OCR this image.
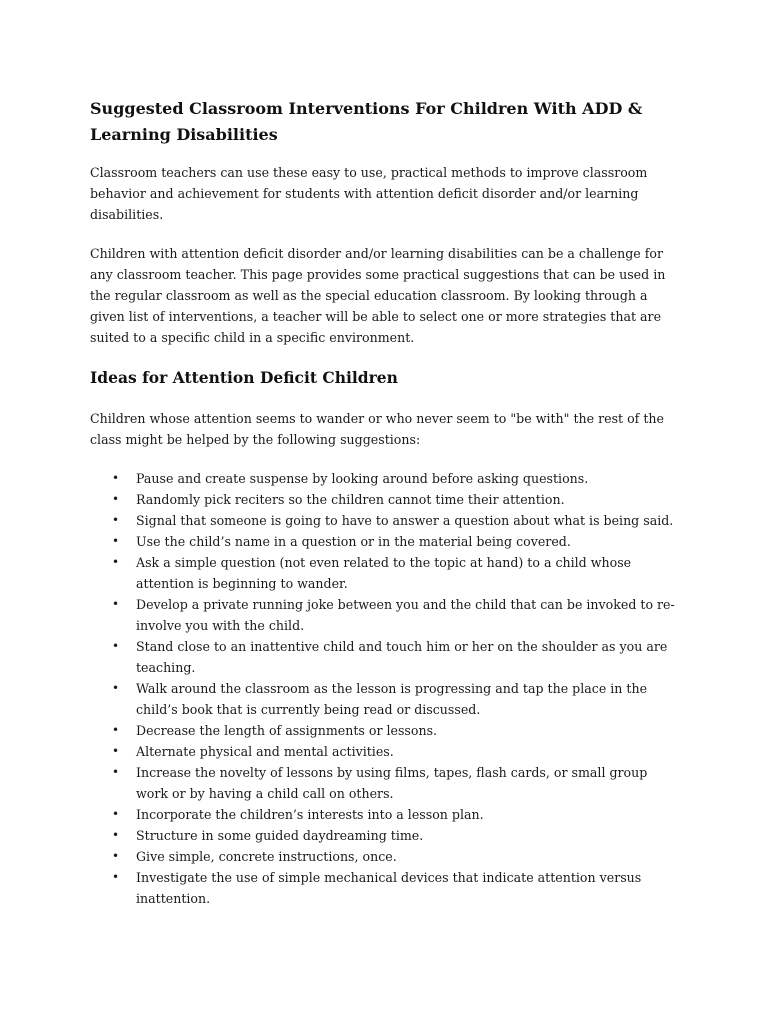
Suggested Classroom Interventions For Children With ADD & Learning Disabilities

Classroom teachers can use these easy to use, practical methods to improve classroom behavior and achievement for students with attention deficit disorder and/or learning disabilities.

Children with attention deficit disorder and/or learning disabilities can be a challenge for any classroom teacher. This page provides some practical suggestions that can be used in the regular classroom as well as the special education classroom. By looking through a given list of interventions, a teacher will be able to select one or more strategies that are suited to a specific child in a specific environment.

Ideas for Attention Deficit Children

Children whose attention seems to wander or who never seem to "be with" the rest of the class might be helped by the following suggestions:

• Pause and create suspense by looking around before asking questions.
• Randomly pick reciters so the children cannot time their attention.
• Signal that someone is going to have to answer a question about what is being said.
• Use the child’s name in a question or in the material being covered.
• Ask a simple question (not even related to the topic at hand) to a child whose attention is beginning to wander.
• Develop a private running joke between you and the child that can be invoked to re-involve you with the child.
• Stand close to an inattentive child and touch him or her on the shoulder as you are teaching.
• Walk around the classroom as the lesson is progressing and tap the place in the child’s book that is currently being read or discussed.
• Decrease the length of assignments or lessons.
• Alternate physical and mental activities.
• Increase the novelty of lessons by using films, tapes, flash cards, or small group work or by having a child call on others.
• Incorporate the children’s interests into a lesson plan.
• Structure in some guided daydreaming time.
• Give simple, concrete instructions, once.
• Investigate the use of simple mechanical devices that indicate attention versus inattention.
